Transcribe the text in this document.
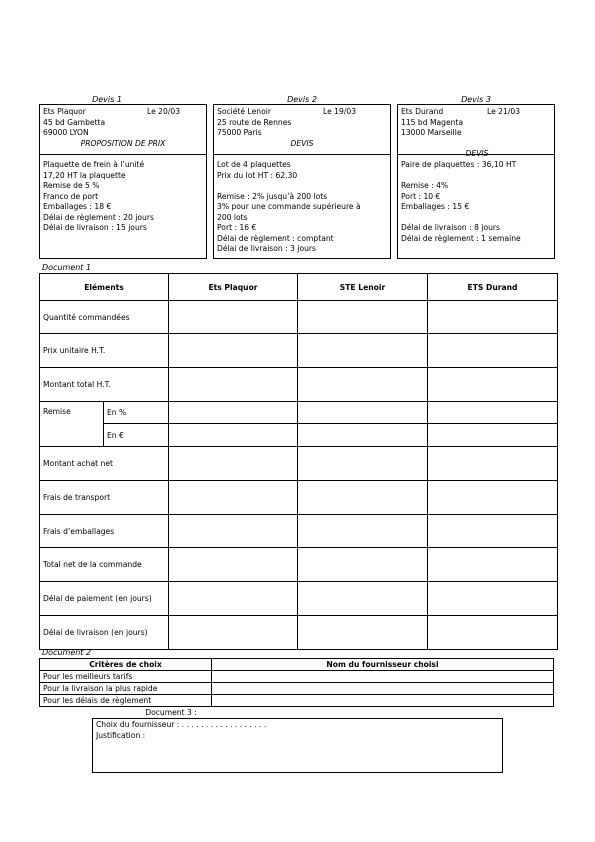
Devis 1	Devis 2	Devis 3
Ets Plaquor	Le 20/03
45 bd Gambetta
69000 LYON
PROPOSITION DE PRIX
Plaquette de frein à l’unité
17,20 HT la plaquette
Remise de 5 %
Franco de port
Emballages : 18 €
Délai de règlement : 20 jours
Délai de livraison : 15 jours
Société Lenoir	Le 19/03
25 route de Rennes
75000 Paris
DEVIS
Lot de 4 plaquettes
Prix du lot HT : 62,30
Remise : 2% jusqu’à 200 lots
3% pour une commande supérieure à
200 lots
Port : 16 €
Délai de règlement : comptant
Délai de livraison : 3 jours
Ets Durand	Le 21/03
115 bd Magenta
13000 Marseille
DEVIS
Paire de plaquettes : 36,10 HT
Remise : 4%
Port : 10 €
Emballages : 15 €
Délai de livraison : 8 jours
Délai de règlement : 1 semaine
Document 1
Eléments		Ets Plaquor	STE Lenoir	ETS Durand
Quantité commandées				
Prix unitaire H.T.				
Montant total H.T.				
Remise	En %			
	En €			
Montant achat net				
Frais de transport				
Frais d’emballages				
Total net de la commande				
Délai de paiement (en jours)				
Délai de livraison (en jours)				
Document 2
Critères de choix	Nom du fournisseur choisi
Pour les meilleurs tarifs	
Pour la livraison la plus rapide	
Pour les délais de règlement	
Document 3 :
Choix du fournisseur : . . . . . . . . . . . . . . . . . .
Justification :
